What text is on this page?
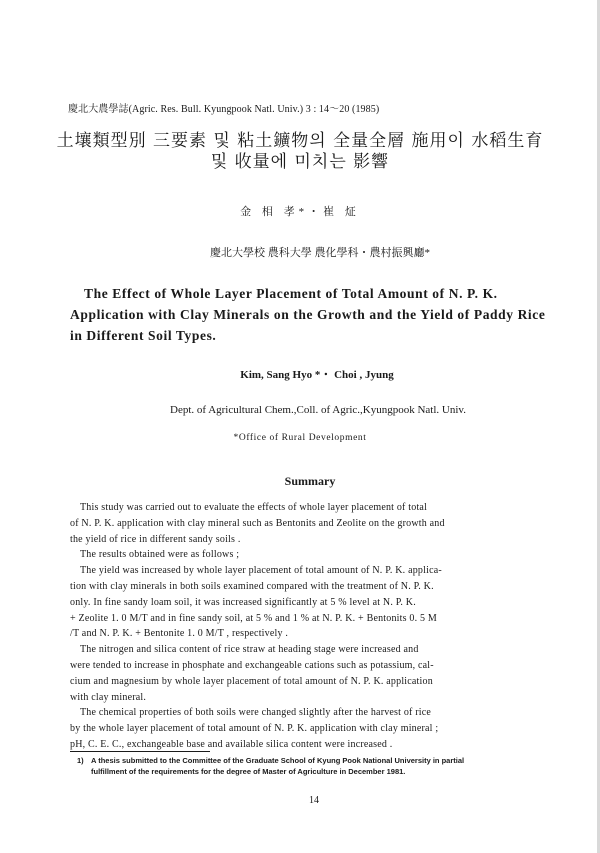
慶北大農學誌(Agric. Res. Bull. Kyungpook Natl. Univ.) 3 : 14～20 (1985)
土壤類型別 三要素 및 粘土鑛物의 全量全層 施用이 水稻生育
및 收量에 미치는 影響
金 相 孝*・崔 炡
慶北大學校 農科大學 農化學科・農村振興廳*
The Effect of Whole Layer Placement of Total Amount of N. P. K.
Application with Clay Minerals on the Growth and the Yield of Paddy Rice
in Different Soil Types.
Kim, Sang Hyo *・ Choi , Jyung
Dept. of Agricultural Chem.,Coll. of Agric.,Kyungpook Natl. Univ.
*Office of Rural Development
Summary
This study was carried out to evaluate the effects of whole layer placement of total
of N. P. K. application with clay mineral such as Bentonits and Zeolite on the growth and
the yield of rice in different sandy soils .
The results obtained were as follows ;
The yield was increased by whole layer placement of total amount of N. P. K. applica-
tion with clay minerals in both soils examined compared with the treatment of N. P. K.
only. In fine sandy loam soil, it was increased significantly at 5 % level at N. P. K.
+ Zeolite 1. 0 M/T and in fine sandy soil, at 5 % and 1 % at N. P. K. + Bentonits 0. 5 M
/T and N. P. K. + Bentonite 1. 0 M/T , respectively .
The nitrogen and silica content of rice straw at heading stage were increased and
were tended to increase in phosphate and exchangeable cations such as potassium, cal-
cium and magnesium by whole layer placement of total amount of N. P. K. application
with clay mineral.
The chemical properties of both soils were changed slightly after the harvest of rice
by the whole layer placement of total amount of N. P. K. application with clay mineral ;
pH, C. E. C., exchangeable base and available silica content were increased .
1) A thesis submitted to the Committee of the Graduate School of Kyung Pook National University in partial
fulfillment of the requirements for the degree of Master of Agriculture in December 1981.
14
